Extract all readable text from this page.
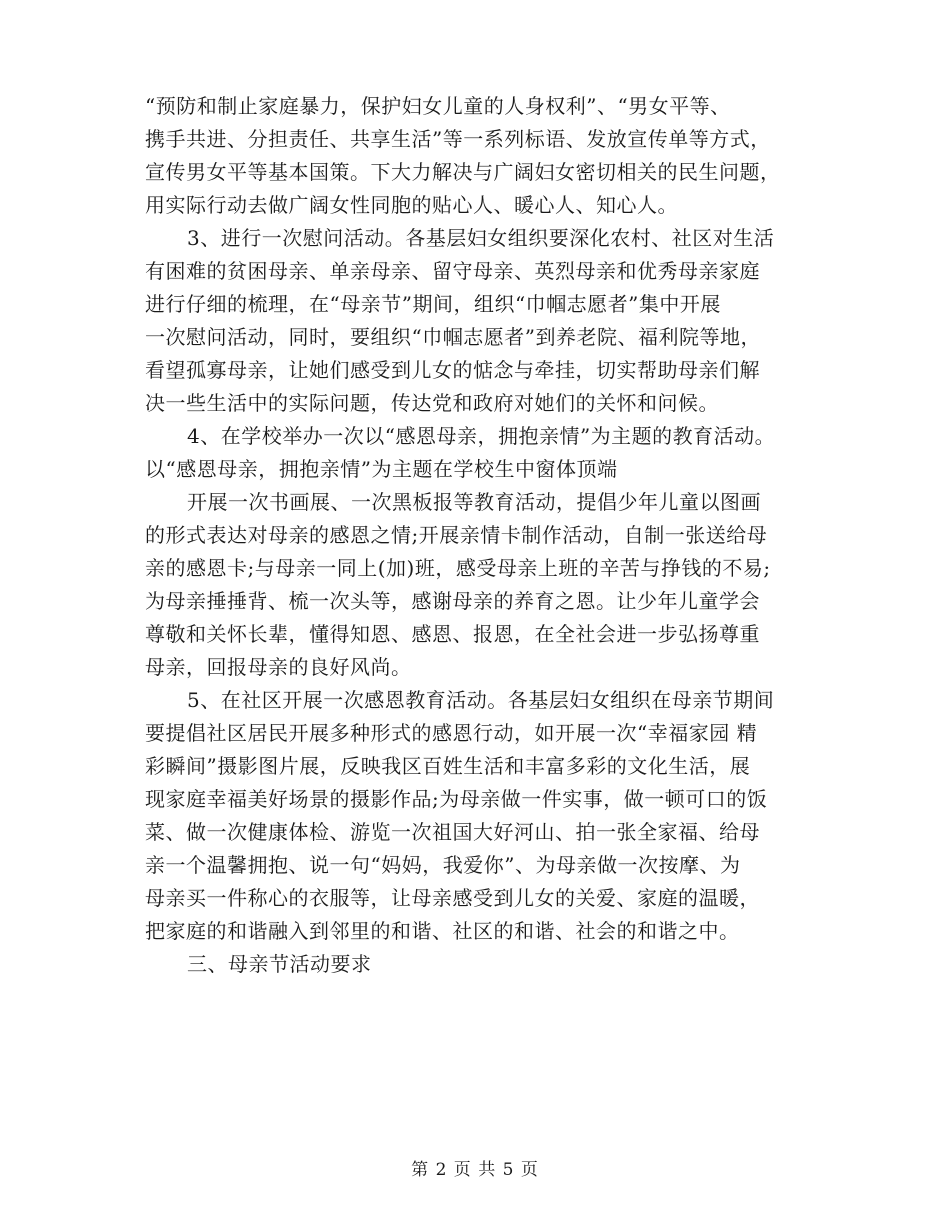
“预防和制止家庭暴力，保护妇女儿童的人身权利”、“男女平等、
携手共进、分担责任、共享生活”等一系列标语、发放宣传单等方式，
宣传男女平等基本国策。下大力解决与广阔妇女密切相关的民生问题，
用实际行动去做广阔女性同胞的贴心人、暖心人、知心人。
3、进行一次慰问活动。各基层妇女组织要深化农村、社区对生活
有困难的贫困母亲、单亲母亲、留守母亲、英烈母亲和优秀母亲家庭
进行仔细的梳理，在“母亲节”期间，组织“巾帼志愿者”集中开展
一次慰问活动，同时，要组织“巾帼志愿者”到养老院、福利院等地，
看望孤寡母亲，让她们感受到儿女的惦念与牵挂，切实帮助母亲们解
决一些生活中的实际问题，传达党和政府对她们的关怀和问候。
4、在学校举办一次以“感恩母亲，拥抱亲情”为主题的教育活动。
以“感恩母亲，拥抱亲情”为主题在学校生中窗体顶端
开展一次书画展、一次黑板报等教育活动，提倡少年儿童以图画
的形式表达对母亲的感恩之情;开展亲情卡制作活动，自制一张送给母
亲的感恩卡;与母亲一同上(加)班，感受母亲上班的辛苦与挣钱的不易;
为母亲捶捶背、梳一次头等，感谢母亲的养育之恩。让少年儿童学会
尊敬和关怀长辈，懂得知恩、感恩、报恩，在全社会进一步弘扬尊重
母亲，回报母亲的良好风尚。
5、在社区开展一次感恩教育活动。各基层妇女组织在母亲节期间
要提倡社区居民开展多种形式的感恩行动，如开展一次“幸福家园 精
彩瞬间”摄影图片展，反映我区百姓生活和丰富多彩的文化生活，展
现家庭幸福美好场景的摄影作品;为母亲做一件实事，做一顿可口的饭
菜、做一次健康体检、游览一次祖国大好河山、拍一张全家福、给母
亲一个温馨拥抱、说一句“妈妈，我爱你”、为母亲做一次按摩、为
母亲买一件称心的衣服等，让母亲感受到儿女的关爱、家庭的温暖，
把家庭的和谐融入到邻里的和谐、社区的和谐、社会的和谐之中。
三、母亲节活动要求
第 2 页 共 5 页
